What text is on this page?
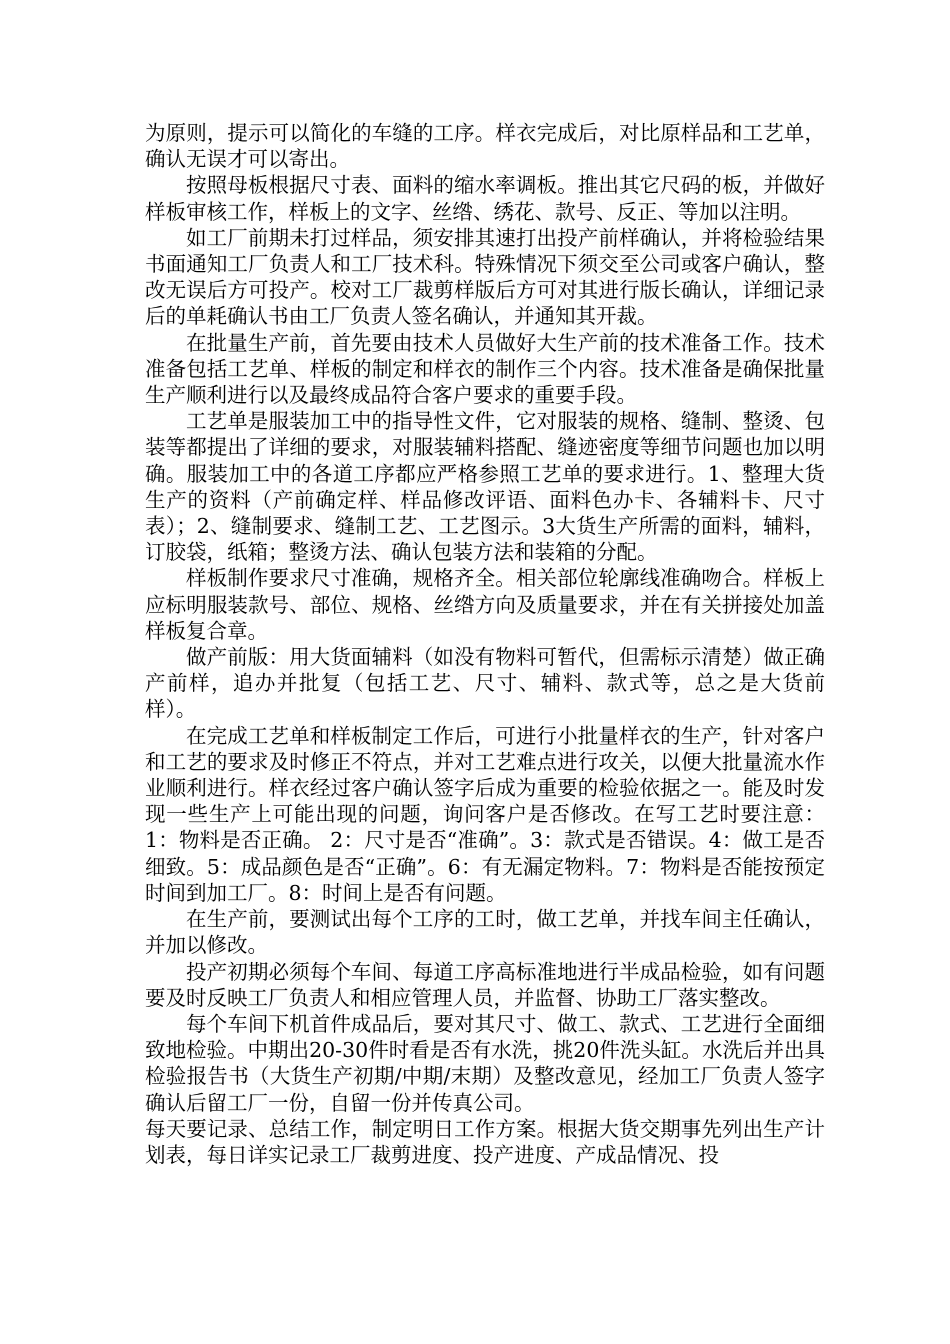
为原则，提示可以简化的车缝的工序。样衣完成后，对比原样品和工艺单，确认无误才可以寄出。

按照母板根据尺寸表、面料的缩水率调板。推出其它尺码的板，并做好样板审核工作，样板上的文字、丝绺、绣花、款号、反正、等加以注明。

如工厂前期未打过样品，须安排其速打出投产前样确认，并将检验结果书面通知工厂负责人和工厂技术科。特殊情况下须交至公司或客户确认，整改无误后方可投产。校对工厂裁剪样版后方可对其进行版长确认，详细记录后的单耗确认书由工厂负责人签名确认，并通知其开裁。

在批量生产前，首先要由技术人员做好大生产前的技术准备工作。技术准备包括工艺单、样板的制定和样衣的制作三个内容。技术准备是确保批量生产顺利进行以及最终成品符合客户要求的重要手段。

工艺单是服装加工中的指导性文件，它对服装的规格、缝制、整烫、包装等都提出了详细的要求，对服装辅料搭配、缝迹密度等细节问题也加以明确。服装加工中的各道工序都应严格参照工艺单的要求进行。1、整理大货生产的资料（产前确定样、样品修改评语、面料色办卡、各辅料卡、尺寸表）；2、缝制要求、缝制工艺、工艺图示。3大货生产所需的面料，辅料，订胶袋，纸箱；整烫方法、确认包装方法和装箱的分配。

样板制作要求尺寸准确，规格齐全。相关部位轮廓线准确吻合。样板上应标明服装款号、部位、规格、丝绺方向及质量要求，并在有关拼接处加盖样板复合章。

做产前版：用大货面辅料（如没有物料可暂代，但需标示清楚）做正确产前样，追办并批复（包括工艺、尺寸、辅料、款式等，总之是大货前样）。

在完成工艺单和样板制定工作后，可进行小批量样衣的生产，针对客户和工艺的要求及时修正不符点，并对工艺难点进行攻关，以便大批量流水作业顺利进行。样衣经过客户确认签字后成为重要的检验依据之一。能及时发现一些生产上可能出现的问题，询问客户是否修改。在写工艺时要注意：1：物料是否正确。 2：尺寸是否“准确”。3：款式是否错误。4：做工是否细致。5：成品颜色是否“正确”。6：有无漏定物料。7：物料是否能按预定时间到加工厂。8：时间上是否有问题。

在生产前，要测试出每个工序的工时，做工艺单，并找车间主任确认，并加以修改。

投产初期必须每个车间、每道工序高标准地进行半成品检验，如有问题要及时反映工厂负责人和相应管理人员，并监督、协助工厂落实整改。

每个车间下机首件成品后，要对其尺寸、做工、款式、工艺进行全面细致地检验。中期出20-30件时看是否有水洗，挑20件洗头缸。水洗后并出具检验报告书（大货生产初期/中期/末期）及整改意见，经加工厂负责人签字确认后留工厂一份，自留一份并传真公司。

每天要记录、总结工作，制定明日工作方案。根据大货交期事先列出生产计划表，每日详实记录工厂裁剪进度、投产进度、产成品情况、投
